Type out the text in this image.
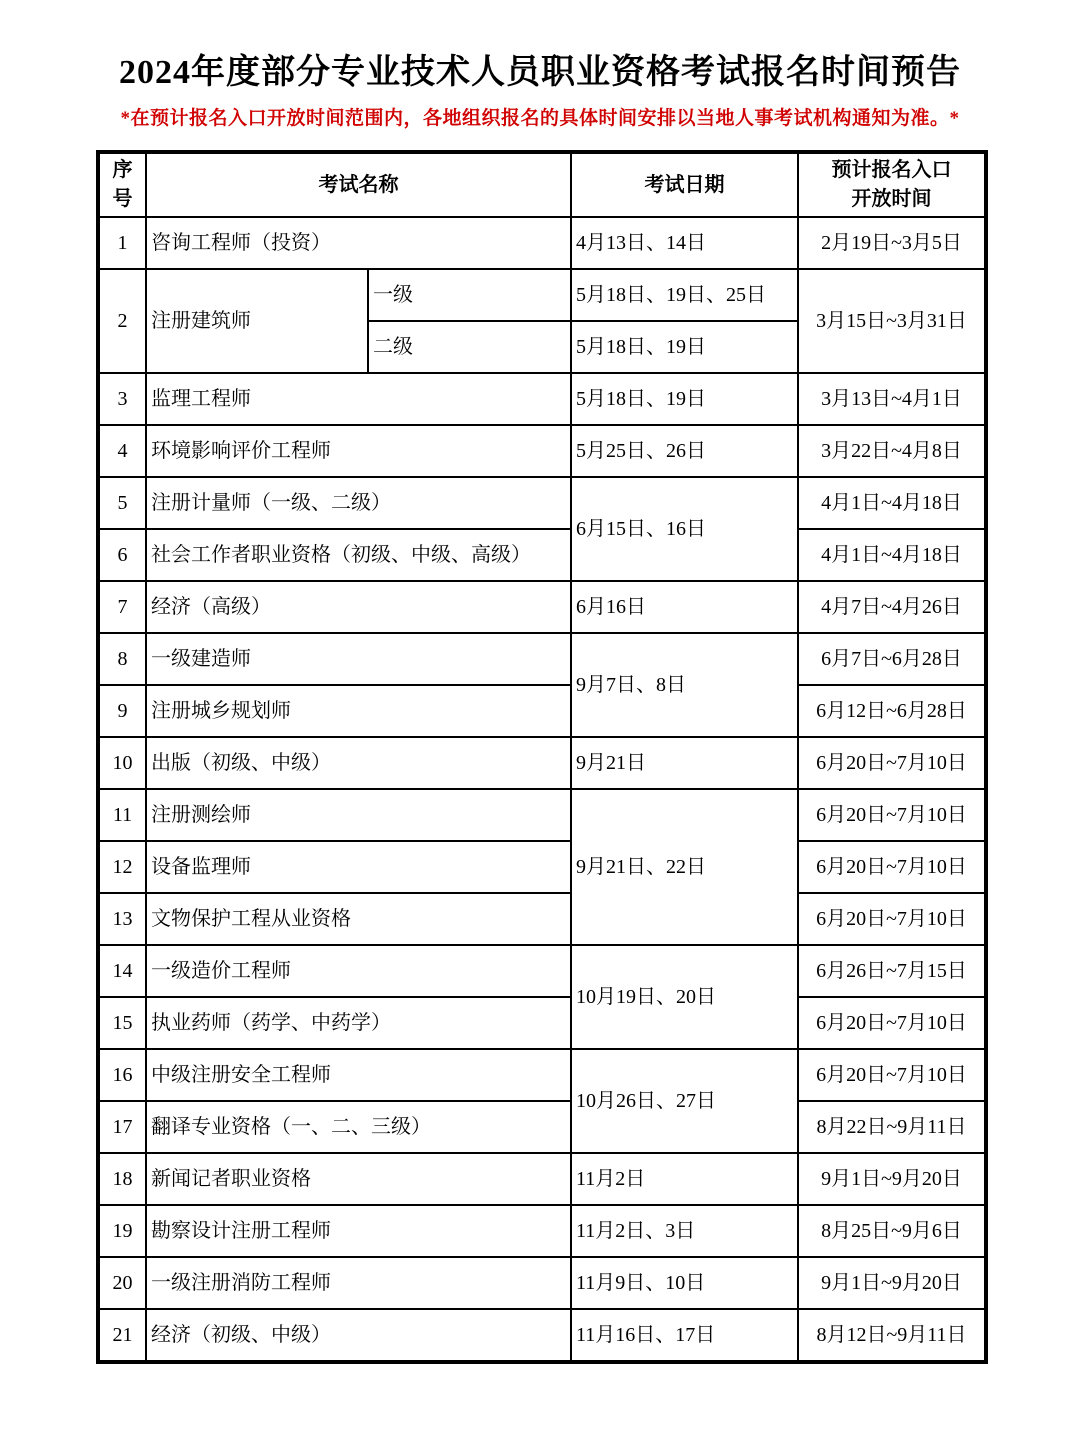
2024年度部分专业技术人员职业资格考试报名时间预告
*在预计报名入口开放时间范围内，各地组织报名的具体时间安排以当地人事考试机构通知为准。*
序号	考试名称		考试日期	预计报名入口
开放时间
1	咨询工程师（投资）		4月13日、14日	2月19日~3月5日
2	注册建筑师	一级	5月18日、19日、25日	3月15日~3月31日
		二级	5月18日、19日	
3	监理工程师		5月18日、19日	3月13日~4月1日
4	环境影响评价工程师		5月25日、26日	3月22日~4月8日
5	注册计量师（一级、二级）		6月15日、16日	4月1日~4月18日
6	社会工作者职业资格（初级、中级、高级）			4月1日~4月18日
7	经济（高级）		6月16日	4月7日~4月26日
8	一级建造师		9月7日、8日	6月7日~6月28日
9	注册城乡规划师			6月12日~6月28日
10	出版（初级、中级）		9月21日	6月20日~7月10日
11	注册测绘师		9月21日、22日	6月20日~7月10日
12	设备监理师			6月20日~7月10日
13	文物保护工程从业资格			6月20日~7月10日
14	一级造价工程师		10月19日、20日	6月26日~7月15日
15	执业药师（药学、中药学）			6月20日~7月10日
16	中级注册安全工程师		10月26日、27日	6月20日~7月10日
17	翻译专业资格（一、二、三级）			8月22日~9月11日
18	新闻记者职业资格		11月2日	9月1日~9月20日
19	勘察设计注册工程师		11月2日、3日	8月25日~9月6日
20	一级注册消防工程师		11月9日、10日	9月1日~9月20日
21	经济（初级、中级）		11月16日、17日	8月12日~9月11日
